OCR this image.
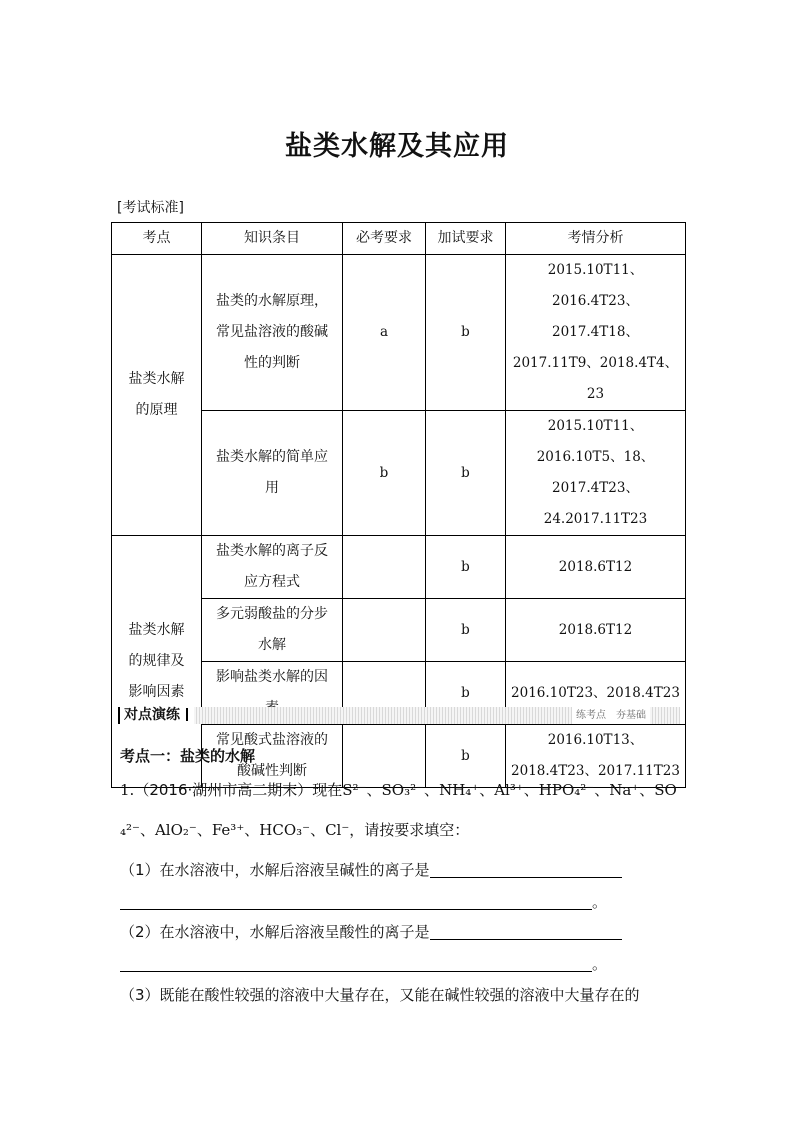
盐类水解及其应用
[考试标准]
考点	知识条目	必考要求	加试要求	考情分析
盐类水解的原理	盐类的水解原理，常见盐溶液的酸碱性的判断	a	b	2015.10T11、2016.4T23、2017.4T18、2017.11T9、2018.4T4、23
	盐类水解的简单应用	b	b	2015.10T11、2016.10T5、18、2017.4T23、24.2017.11T23
盐类水解的规律及影响因素	盐类水解的离子反应方程式		b	2018.6T12
	多元弱酸盐的分步水解		b	2018.6T12
	影响盐类水解的因		b	2016.10T23、2018.4T23
	常见酸式盐溶液的酸碱性判断		b	2016.10T13、2018.4T23、2017.11T23
对点演练	练考点　夯基础
考点一：盐类的水解
1.（2016·湖州市高二期末）现在S²⁻、SO₃²⁻、NH₄⁺、Al³⁺、HPO₄²⁻、Na⁺、SO
₄²⁻、AlO₂⁻、Fe³⁺、HCO₃⁻、Cl⁻，请按要求填空：
（1）在水溶液中，水解后溶液呈碱性的离子是
。
（2）在水溶液中，水解后溶液呈酸性的离子是
。
（3）既能在酸性较强的溶液中大量存在，又能在碱性较强的溶液中大量存在的
